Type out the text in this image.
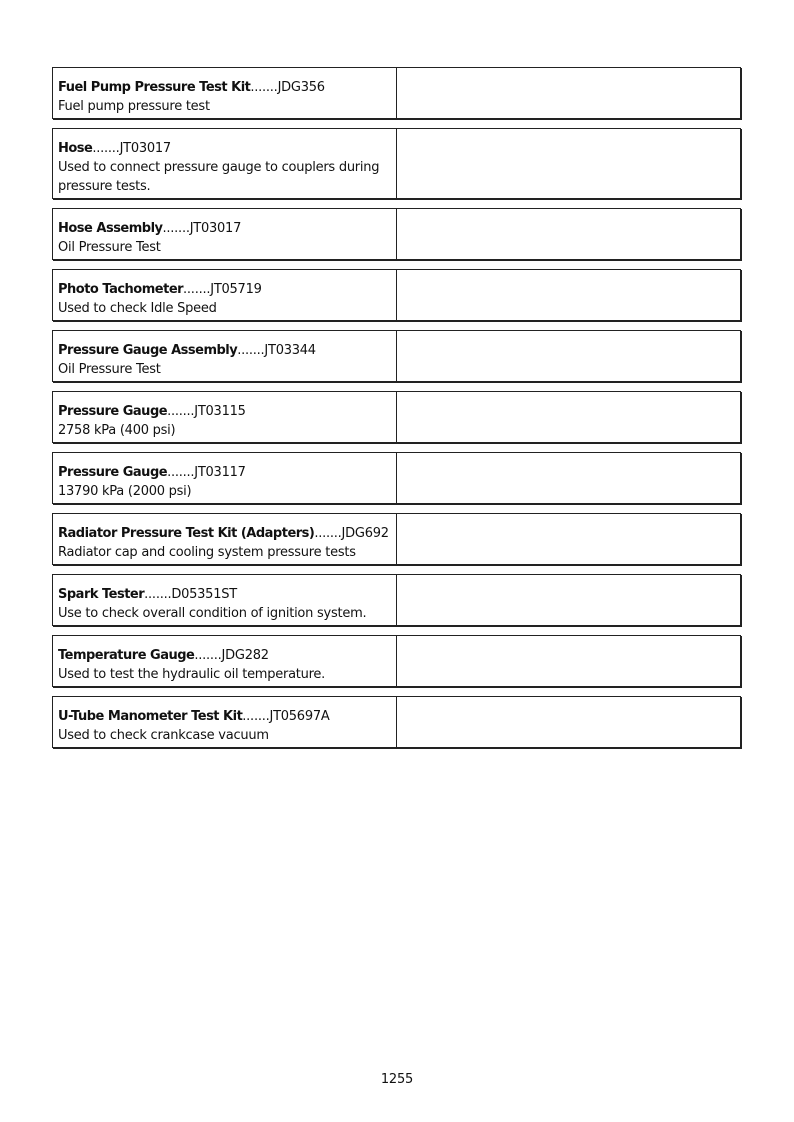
Fuel Pump Pressure Test Kit.......JDG356
Fuel pump pressure test
Hose.......JT03017
Used to connect pressure gauge to couplers during pressure tests.
Hose Assembly.......JT03017
Oil Pressure Test
Photo Tachometer.......JT05719
Used to check Idle Speed
Pressure Gauge Assembly.......JT03344
Oil Pressure Test
Pressure Gauge.......JT03115
2758 kPa (400 psi)
Pressure Gauge.......JT03117
13790 kPa (2000 psi)
Radiator Pressure Test Kit (Adapters).......JDG692
Radiator cap and cooling system pressure tests
Spark Tester.......D05351ST
Use to check overall condition of ignition system.
Temperature Gauge.......JDG282
Used to test the hydraulic oil temperature.
U-Tube Manometer Test Kit.......JT05697A
Used to check crankcase vacuum
1255
